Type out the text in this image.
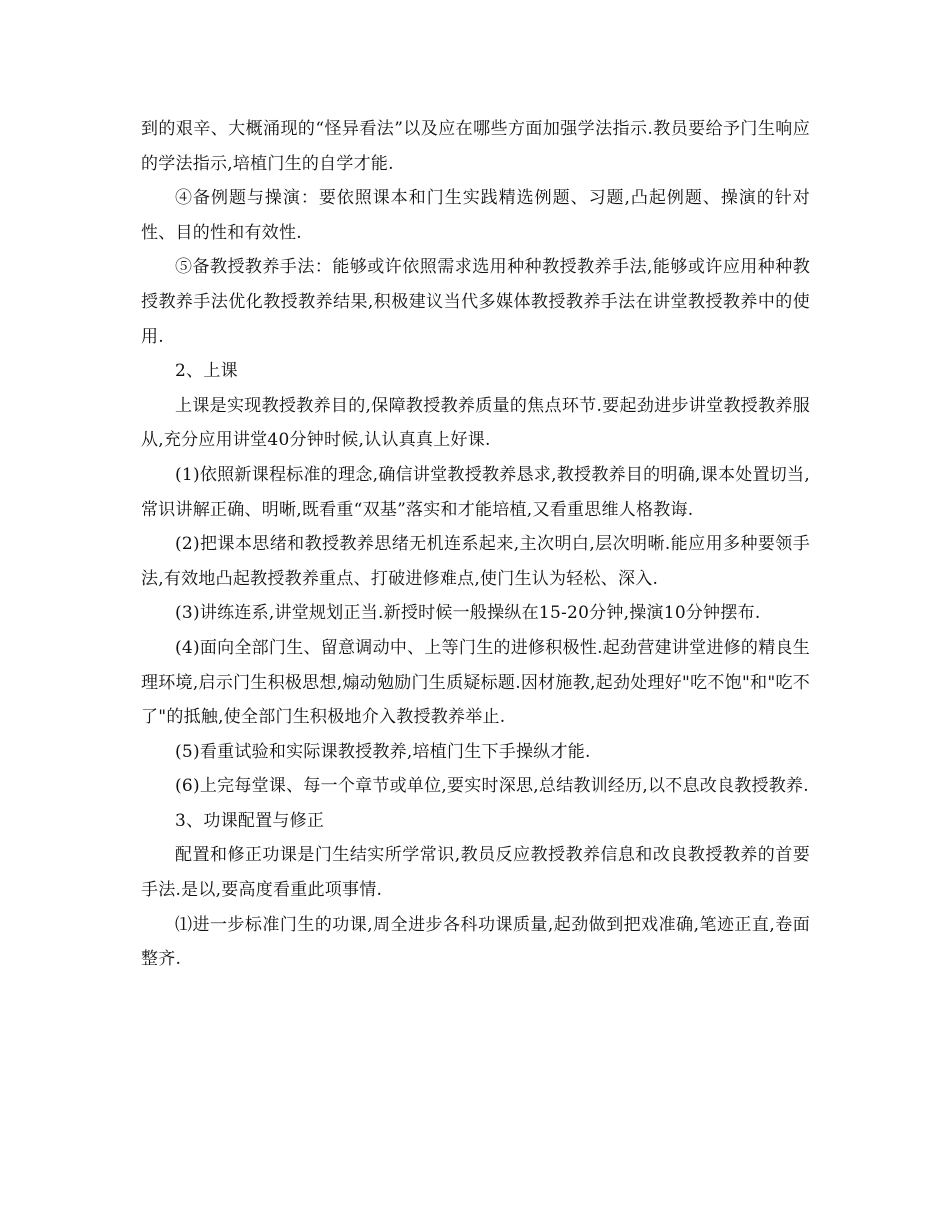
到的艰辛、大概涌现的“怪异看法”以及应在哪些方面加强学法指示.教员要给予门生响应的学法指示,培植门生的自学才能.

④备例题与操演：要依照课本和门生实践精选例题、习题,凸起例题、操演的针对性、目的性和有效性.

⑤备教授教养手法：能够或许依照需求选用种种教授教养手法,能够或许应用种种教授教养手法优化教授教养结果,积极建议当代多媒体教授教养手法在讲堂教授教养中的使用.

2、上课

上课是实现教授教养目的,保障教授教养质量的焦点环节.要起劲进步讲堂教授教养服从,充分应用讲堂40分钟时候,认认真真上好课.

(1)依照新课程标准的理念,确信讲堂教授教养恳求,教授教养目的明确,课本处置切当,常识讲解正确、明晰,既看重“双基”落实和才能培植,又看重思维人格教诲.

(2)把课本思绪和教授教养思绪无机连系起来,主次明白,层次明晰.能应用多种要领手法,有效地凸起教授教养重点、打破进修难点,使门生认为轻松、深入.

(3)讲练连系,讲堂规划正当.新授时候一般操纵在15-20分钟,操演10分钟摆布.

(4)面向全部门生、留意调动中、上等门生的进修积极性.起劲营建讲堂进修的精良生理环境,启示门生积极思想,煽动勉励门生质疑标题.因材施教,起劲处理好"吃不饱"和"吃不了"的抵触,使全部门生积极地介入教授教养举止.

(5)看重试验和实际课教授教养,培植门生下手操纵才能.

(6)上完每堂课、每一个章节或单位,要实时深思,总结教训经历,以不息改良教授教养.

3、功课配置与修正

配置和修正功课是门生结实所学常识,教员反应教授教养信息和改良教授教养的首要手法.是以,要高度看重此项事情.

⑴进一步标准门生的功课,周全进步各科功课质量,起劲做到把戏准确,笔迹正直,卷面整齐.
